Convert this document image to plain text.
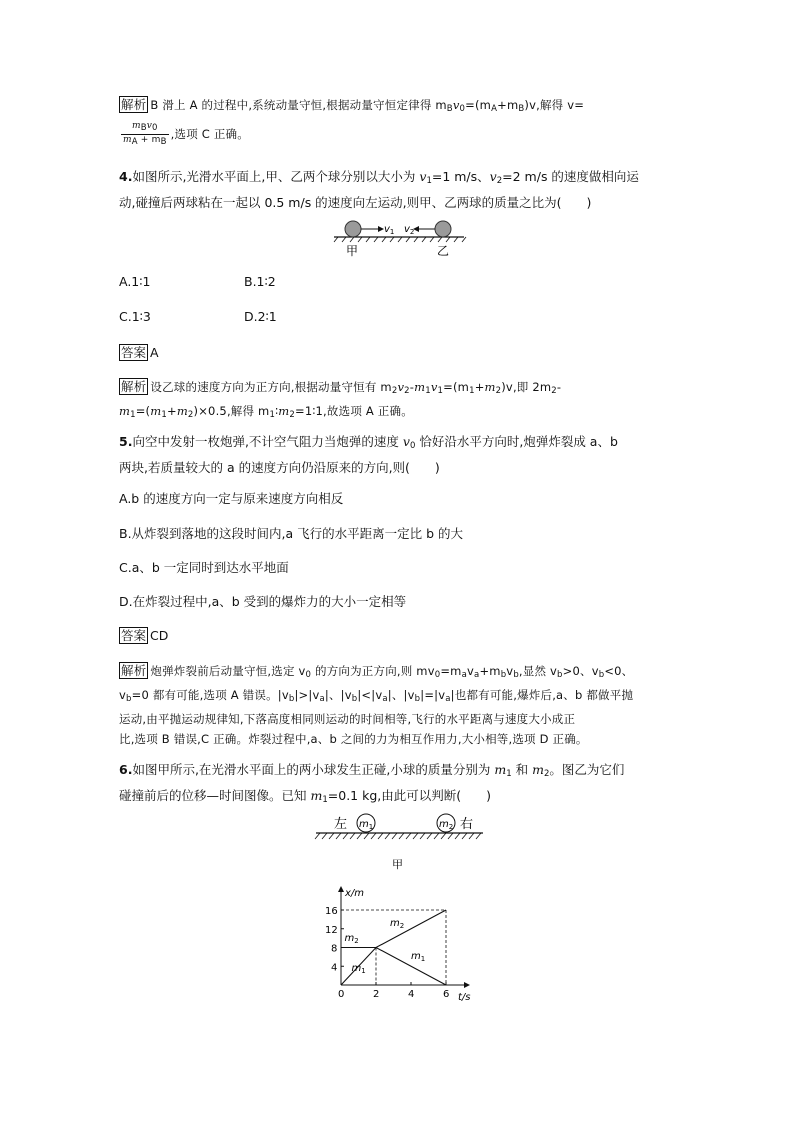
解析 B 滑上 A 的过程中,系统动量守恒,根据动量守恒定律得 $m_Bv_0=(m_A+m_B)v$,解得 v=
$\frac{m_Bv_0}{m_A + m_B}$ ,选项 C 正确。
4.如图所示,光滑水平面上,甲、乙两个球分别以大小为 $v_1=1$ m/s、$v_2=2$ m/s 的速度做相向运
动,碰撞后两球粘在一起以 0.5 m/s 的速度向左运动,则甲、乙两球的质量之比为(　　)
$v_1$ $v_2$
甲	乙
A.1∶1	B.1∶2
C.1∶3	D.2∶1
答案 A
解析 设乙球的速度方向为正方向,根据动量守恒有 $m_2v_2-m_1v_1=(m_1+m_2)v$,即 $2m_2-$
$m_1=(m_1+m_2)\times 0.5$,解得 $m_1∶m_2=1∶1$,故选项 A 正确。
5.向空中发射一枚炮弹,不计空气阻力当炮弹的速度 $v_0$ 恰好沿水平方向时,炮弹炸裂成 a、b
两块,若质量较大的 a 的速度方向仍沿原来的方向,则(　　)
A.b 的速度方向一定与原来速度方向相反
B.从炸裂到落地的这段时间内,a 飞行的水平距离一定比 b 的大
C.a、b 一定同时到达水平地面
D.在炸裂过程中,a、b 受到的爆炸力的大小一定相等
答案 CD
解析 炮弹炸裂前后动量守恒,选定 $v_0$ 的方向为正方向,则 $mv_0=m_av_a+m_bv_b$,显然 $v_b>0$、$v_b<0$、
$v_b=0$ 都有可能,选项 A 错误。$|v_b|>|v_a|$、$|v_b|<|v_a|$、$|v_b|=|v_a|$也都有可能,爆炸后,a、b 都做平抛
运动,由平抛运动规律知,下落高度相同则运动的时间相等,飞行的水平距离与速度大小成正
比,选项 B 错误,C 正确。炸裂过程中,a、b 之间的力为相互作用力,大小相等,选项 D 正确。
6.如图甲所示,在光滑水平面上的两小球发生正碰,小球的质量分别为 $m_1$ 和 $m_2$。图乙为它们
碰撞前后的位移—时间图像。已知 $m_1=0.1$ kg,由此可以判断(　　)
左 $m_1$	$m_2$ 右
甲
x/m
t/s
0	2	4	6
4
8
12
16
$m_1$
$m_1$
$m_2$
$m_2$
